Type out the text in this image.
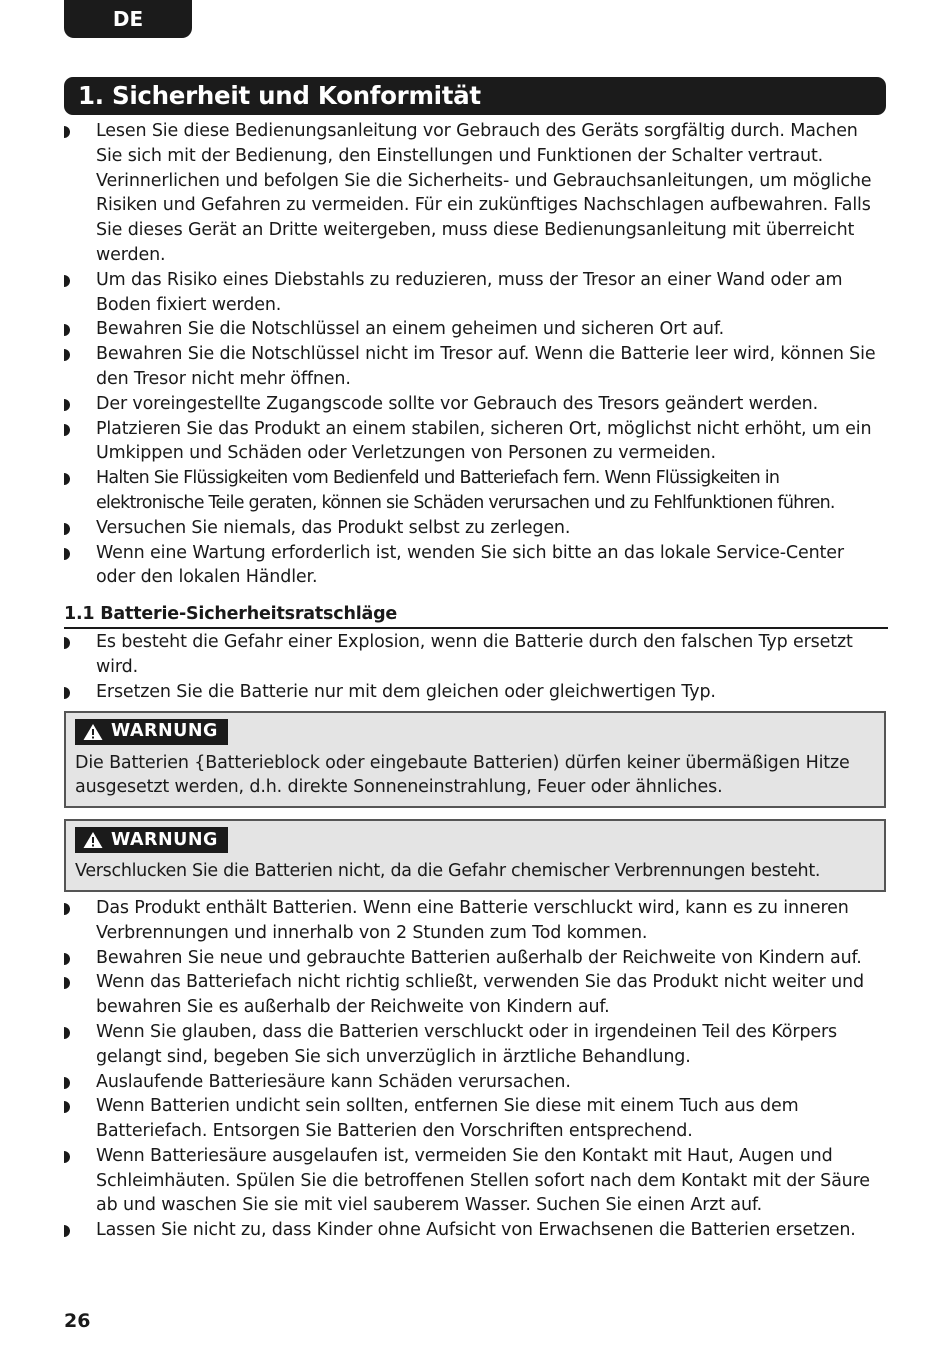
DE
1. Sicherheit und Konformität
Lesen Sie diese Bedienungsanleitung vor Gebrauch des Geräts sorgfältig durch. Machen Sie sich mit der Bedienung, den Einstellungen und Funktionen der Schalter vertraut. Verinnerlichen und befolgen Sie die Sicherheits- und Gebrauchsanleitungen, um mögliche Risiken und Gefahren zu vermeiden. Für ein zukünftiges Nachschlagen aufbewahren. Falls Sie dieses Gerät an Dritte weitergeben, muss diese Bedienungsanleitung mit überreicht werden.
Um das Risiko eines Diebstahls zu reduzieren, muss der Tresor an einer Wand oder am Boden fixiert werden.
Bewahren Sie die Notschlüssel an einem geheimen und sicheren Ort auf.
Bewahren Sie die Notschlüssel nicht im Tresor auf. Wenn die Batterie leer wird, können Sie den Tresor nicht mehr öffnen.
Der voreingestellte Zugangscode sollte vor Gebrauch des Tresors geändert werden.
Platzieren Sie das Produkt an einem stabilen, sicheren Ort, möglichst nicht erhöht, um ein Umkippen und Schäden oder Verletzungen von Personen zu vermeiden.
Halten Sie Flüssigkeiten vom Bedienfeld und Batteriefach fern. Wenn Flüssigkeiten in elektronische Teile geraten, können sie Schäden verursachen und zu Fehlfunktionen führen.
Versuchen Sie niemals, das Produkt selbst zu zerlegen.
Wenn eine Wartung erforderlich ist, wenden Sie sich bitte an das lokale Service-Center oder den lokalen Händler.
1.1 Batterie-Sicherheitsratschläge
Es besteht die Gefahr einer Explosion, wenn die Batterie durch den falschen Typ ersetzt wird.
Ersetzen Sie die Batterie nur mit dem gleichen oder gleichwertigen Typ.
WARNUNG
Die Batterien {Batterieblock oder eingebaute Batterien) dürfen keiner übermäßigen Hitze ausgesetzt werden, d.h. direkte Sonneneinstrahlung, Feuer oder ähnliches.
WARNUNG
Verschlucken Sie die Batterien nicht, da die Gefahr chemischer Verbrennungen besteht.
Das Produkt enthält Batterien. Wenn eine Batterie verschluckt wird, kann es zu inneren Verbrennungen und innerhalb von 2 Stunden zum Tod kommen.
Bewahren Sie neue und gebrauchte Batterien außerhalb der Reichweite von Kindern auf.
Wenn das Batteriefach nicht richtig schließt, verwenden Sie das Produkt nicht weiter und bewahren Sie es außerhalb der Reichweite von Kindern auf.
Wenn Sie glauben, dass die Batterien verschluckt oder in irgendeinen Teil des Körpers gelangt sind, begeben Sie sich unverzüglich in ärztliche Behandlung.
Auslaufende Batteriesäure kann Schäden verursachen.
Wenn Batterien undicht sein sollten, entfernen Sie diese mit einem Tuch aus dem Batteriefach. Entsorgen Sie Batterien den Vorschriften entsprechend.
Wenn Batteriesäure ausgelaufen ist, vermeiden Sie den Kontakt mit Haut, Augen und Schleimhäuten. Spülen Sie die betroffenen Stellen sofort nach dem Kontakt mit der Säure ab und waschen Sie sie mit viel sauberem Wasser. Suchen Sie einen Arzt auf.
Lassen Sie nicht zu, dass Kinder ohne Aufsicht von Erwachsenen die Batterien ersetzen.
26
